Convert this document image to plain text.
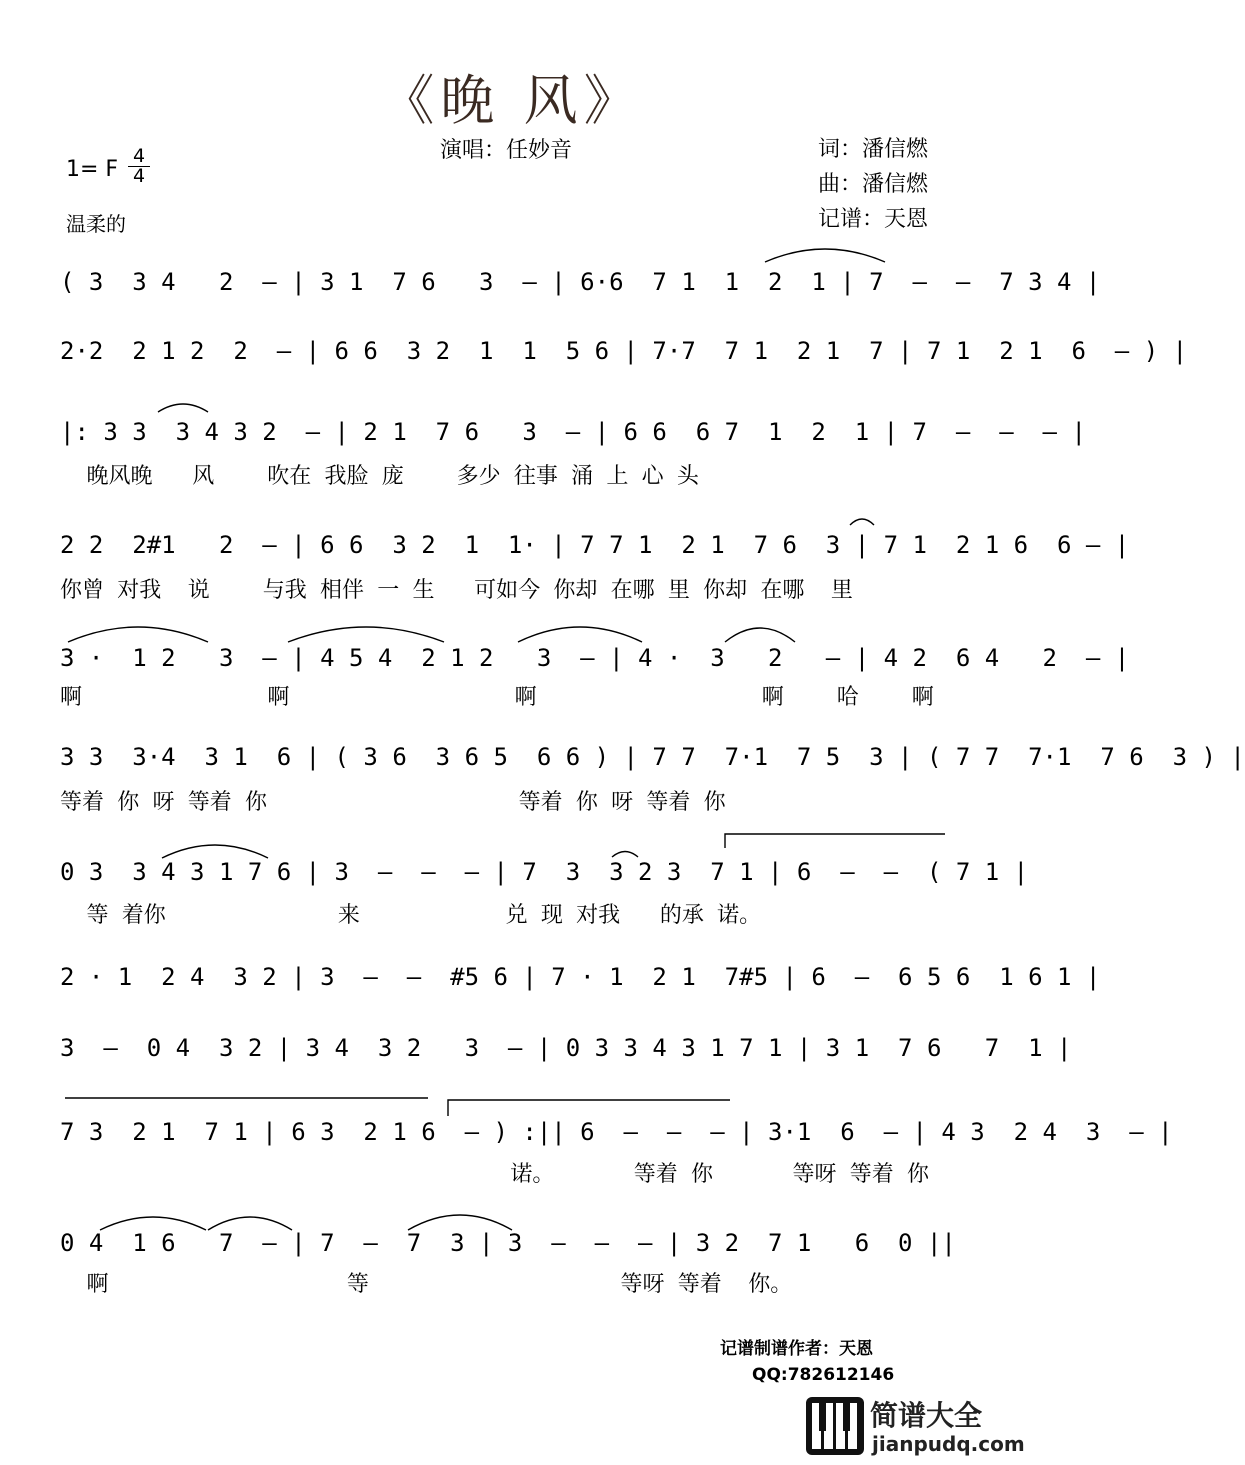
《晚 风》
演唱：任妙音	词：潘信燃
曲：潘信燃
记谱：天恩
1= F
4
4
温柔的
( 3  3 4   2  – | 3 1  7 6   3  – | 6·6  7 1  1  2  1 | 7  –  –  7 3 4 |
2·2  2 1 2  2  – | 6 6  3 2  1  1  5 6 | 7·7  7 1  2 1  7 | 7 1  2 1  6  – ) |
|: 3 3  3 4 3 2  – | 2 1  7 6   3  – | 6 6  6 7  1  2  1 | 7  –  –  – |
晚风晚   风    吹在 我脸 庞    多少 往事 涌 上 心 头
2 2  2#1   2  – | 6 6  3 2  1  1· | 7 7 1  2 1  7 6  3 | 7 1  2 1 6  6 – |
你曾 对我  说    与我 相伴 一 生   可如今 你却 在哪 里 你却 在哪  里
3 ·  1 2   3  – | 4 5 4  2 1 2   3  – | 4 ·  3   2   – | 4 2  6 4   2  – |
啊              啊                 啊                 啊    哈    啊
3 3  3·4  3 1  6 | ( 3 6  3 6 5  6 6 ) | 7 7  7·1  7 5  3 | ( 7 7  7·1  7 6  3 ) |
等着 你 呀 等着 你                   等着 你 呀 等着 你
0 3  3 4 3 1 7 6 | 3  –  –  – | 7  3  3 2 3  7 1 | 6  –  –  ( 7 1 |
等 着你             来           兑 现 对我   的承 诺。
2 · 1  2 4  3 2 | 3  –  –  #5 6 | 7 · 1  2 1  7#5 | 6  –  6 5 6  1 6 1 |
3  –  0 4  3 2 | 3 4  3 2   3  – | 0 3 3 4 3 1 7 1 | 3 1  7 6   7  1 |
7 3  2 1  7 1 | 6 3  2 1 6  – ) :|| 6  –  –  – | 3·1  6  – | 4 3  2 4  3  – |
诺。      等着 你      等呀 等着 你
0 4  1 6   7  – | 7  –  7  3 | 3  –  –  – | 3 2  7 1   6  0 ||
啊                  等                   等呀 等着  你。
记谱制谱作者：天恩
QQ:782612146
简谱大全
jianpudq.com
